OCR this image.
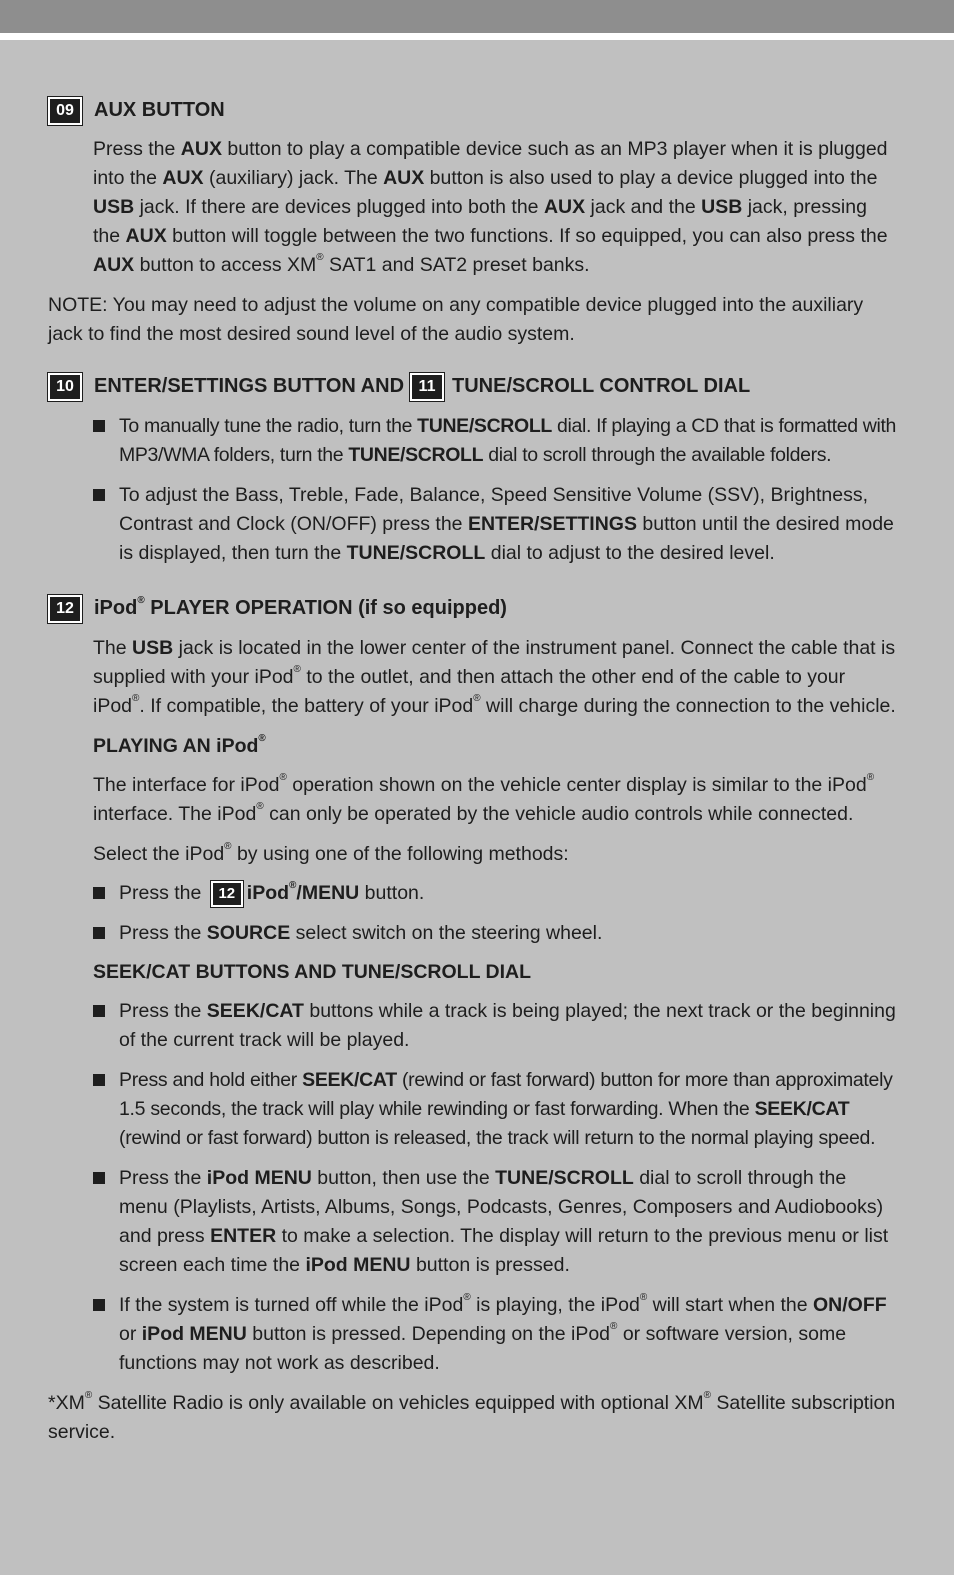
09	AUX BUTTON

Press the AUX button to play a compatible device such as an MP3 player when it is plugged into the AUX (auxiliary) jack. The AUX button is also used to play a device plugged into the USB jack. If there are devices plugged into both the AUX jack and the USB jack, pressing the AUX button will toggle between the two functions. If so equipped, you can also press the AUX button to access XM® SAT1 and SAT2 preset banks.

NOTE: You may need to adjust the volume on any compatible device plugged into the auxiliary jack to find the most desired sound level of the audio system.

10	ENTER/SETTINGS BUTTON AND 11 TUNE/SCROLL CONTROL DIAL
To manually tune the radio, turn the TUNE/SCROLL dial. If playing a CD that is formatted with MP3/WMA folders, turn the TUNE/SCROLL dial to scroll through the available folders.
To adjust the Bass, Treble, Fade, Balance, Speed Sensitive Volume (SSV), Brightness, Contrast and Clock (ON/OFF) press the ENTER/SETTINGS button until the desired mode is displayed, then turn the TUNE/SCROLL dial to adjust to the desired level.
12	iPod® PLAYER OPERATION (if so equipped)

The USB jack is located in the lower center of the instrument panel. Connect the cable that is supplied with your iPod® to the outlet, and then attach the other end of the cable to your iPod®. If compatible, the battery of your iPod® will charge during the connection to the vehicle.

PLAYING AN iPod®

The interface for iPod® operation shown on the vehicle center display is similar to the iPod® interface. The iPod® can only be operated by the vehicle audio controls while connected.

Select the iPod® by using one of the following methods:

Press the 12 iPod®/MENU button.
Press the SOURCE select switch on the steering wheel.
SEEK/CAT BUTTONS AND TUNE/SCROLL DIAL
Press the SEEK/CAT buttons while a track is being played; the next track or the beginning of the current track will be played.
Press and hold either SEEK/CAT (rewind or fast forward) button for more than approximately 1.5 seconds, the track will play while rewinding or fast forwarding. When the SEEK/CAT (rewind or fast forward) button is released, the track will return to the normal playing speed.
Press the iPod MENU button, then use the TUNE/SCROLL dial to scroll through the menu (Playlists, Artists, Albums, Songs, Podcasts, Genres, Composers and Audiobooks) and press ENTER to make a selection. The display will return to the previous menu or list screen each time the iPod MENU button is pressed.
If the system is turned off while the iPod® is playing, the iPod® will start when the ON/OFF or iPod MENU button is pressed. Depending on the iPod® or software version, some functions may not work as described.

*XM® Satellite Radio is only available on vehicles equipped with optional XM® Satellite subscription service.
